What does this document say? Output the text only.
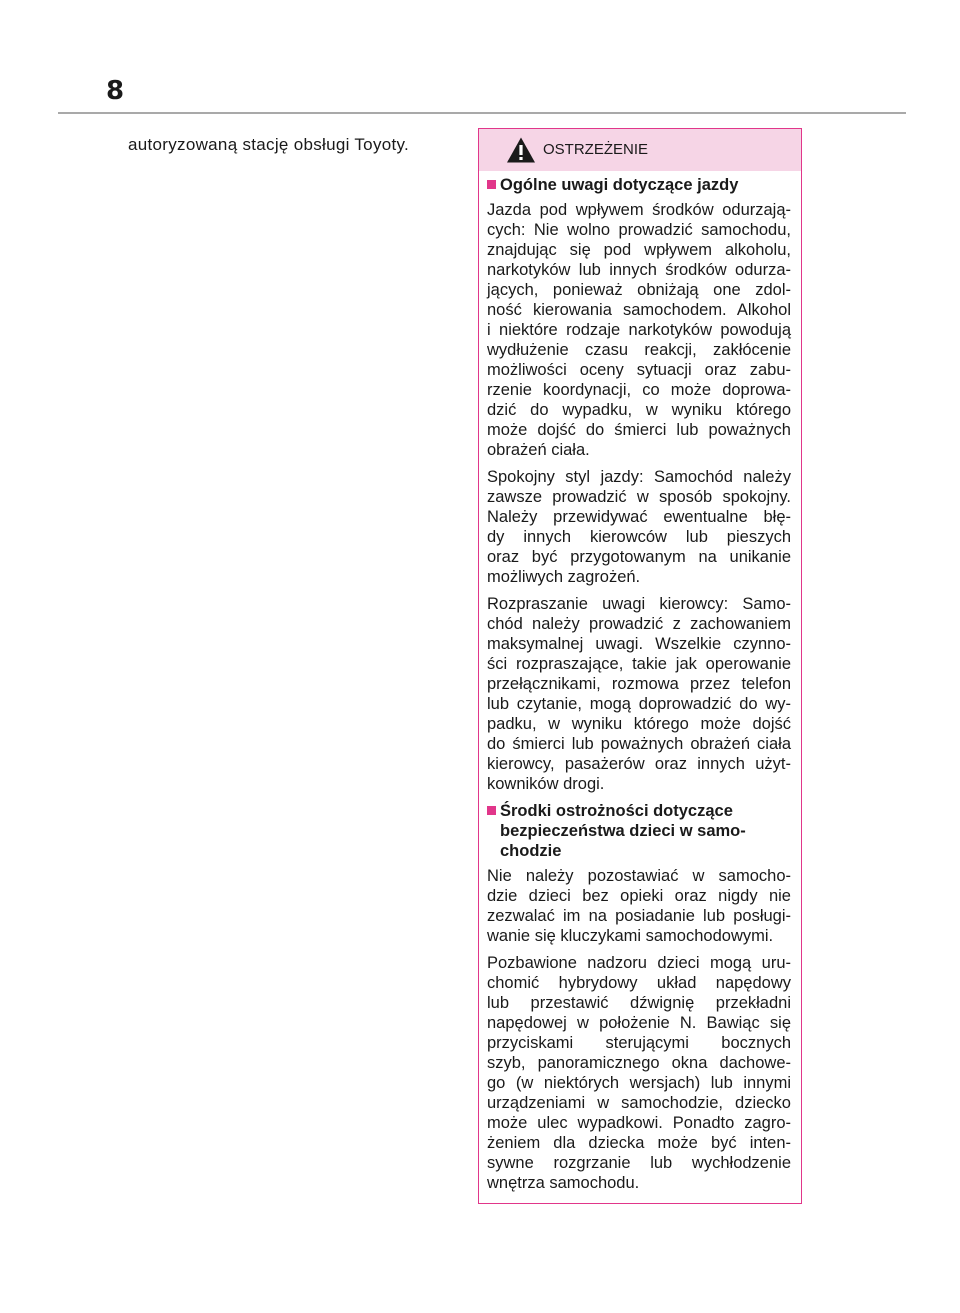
8
autoryzowaną stację obsługi Toyoty.	OSTRZEŻENIE
Ogólne uwagi dotyczące jazdy
Jazda pod wpływem środków odurzają-
cych: Nie wolno prowadzić samochodu,
znajdując się pod wpływem alkoholu,
narkotyków lub innych środków odurza-
jących, ponieważ obniżają one zdol-
ność kierowania samochodem. Alkohol
i niektóre rodzaje narkotyków powodują
wydłużenie czasu reakcji, zakłócenie
możliwości oceny sytuacji oraz zabu-
rzenie koordynacji, co może doprowa-
dzić do wypadku, w wyniku którego
może dojść do śmierci lub poważnych
obrażeń ciała.
Spokojny styl jazdy: Samochód należy
zawsze prowadzić w sposób spokojny.
Należy przewidywać ewentualne błę-
dy innych kierowców lub pieszych
oraz być przygotowanym na unikanie
możliwych zagrożeń.
Rozpraszanie uwagi kierowcy: Samo-
chód należy prowadzić z zachowaniem
maksymalnej uwagi. Wszelkie czynno-
ści rozpraszające, takie jak operowanie
przełącznikami, rozmowa przez telefon
lub czytanie, mogą doprowadzić do wy-
padku, w wyniku którego może dojść
do śmierci lub poważnych obrażeń ciała
kierowcy, pasażerów oraz innych użyt-
kowników drogi.
Środki ostrożności dotyczące
bezpieczeństwa dzieci w samo-
chodzie
Nie należy pozostawiać w samocho-
dzie dzieci bez opieki oraz nigdy nie
zezwalać im na posiadanie lub posługi-
wanie się kluczykami samochodowymi.
Pozbawione nadzoru dzieci mogą uru-
chomić hybrydowy układ napędowy
lub przestawić dźwignię przekładni
napędowej w położenie N. Bawiąc się
przyciskami sterującymi bocznych
szyb, panoramicznego okna dachowe-
go (w niektórych wersjach) lub innymi
urządzeniami w samochodzie, dziecko
może ulec wypadkowi. Ponadto zagro-
żeniem dla dziecka może być inten-
sywne rozgrzanie lub wychłodzenie
wnętrza samochodu.
